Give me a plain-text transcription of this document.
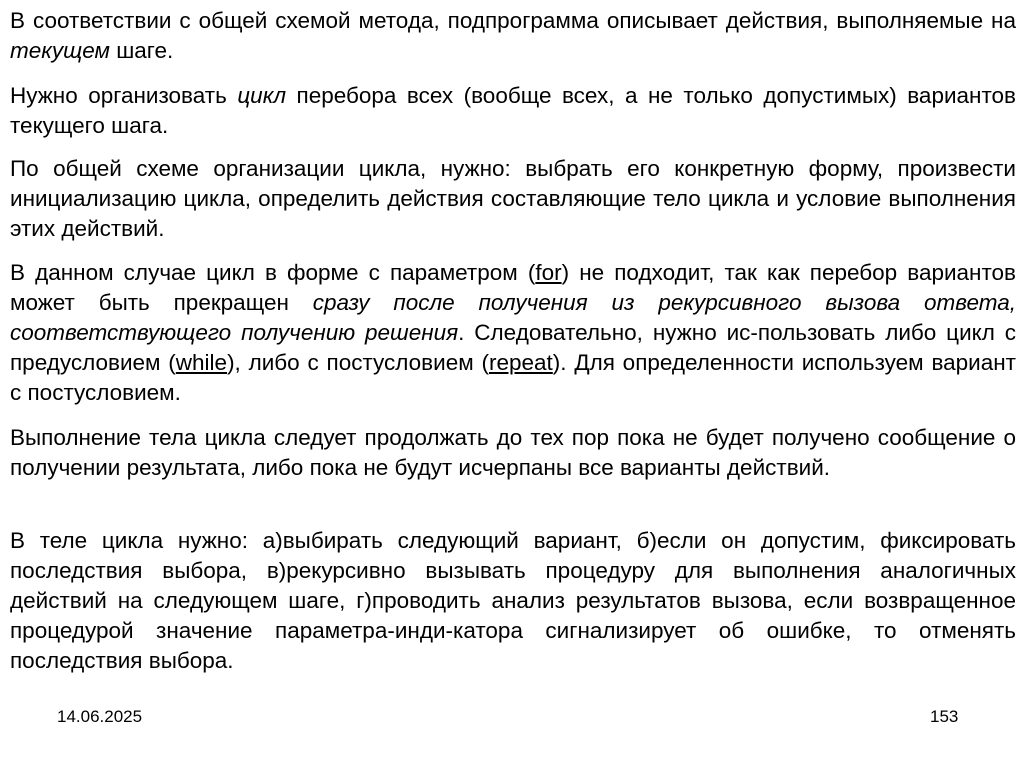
В соответствии с общей схемой метода, подпрограмма описывает действия, выполняемые на текущем шаге.

Нужно организовать цикл перебора всех (вообще всех, а не только допустимых) вариантов текущего шага.

По общей схеме организации цикла, нужно: выбрать его конкретную форму, произвести инициализацию цикла, определить действия составляющие тело цикла и условие выполнения этих действий.

В данном случае цикл в форме с параметром (for) не подходит, так как перебор вариантов может быть прекращен сразу после получения из рекурсивного вызова ответа, соответствующего получению решения. Следовательно, нужно ис-пользовать либо цикл с предусловием (while), либо с постусловием (repeat). Для определенности используем вариант с постусловием.

Выполнение тела цикла следует продолжать до тех пор пока не будет получено сообщение о получении результата, либо пока не будут исчерпаны все варианты действий.

В теле цикла нужно: а)выбирать следующий вариант, б)если он допустим, фиксировать последствия выбора, в)рекурсивно вызывать процедуру для выполнения аналогичных действий на следующем шаге, г)проводить анализ результатов вызова, если возвращенное процедурой значение параметра-инди-катора сигнализирует об ошибке, то отменять последствия выбора.

14.06.2025	153
